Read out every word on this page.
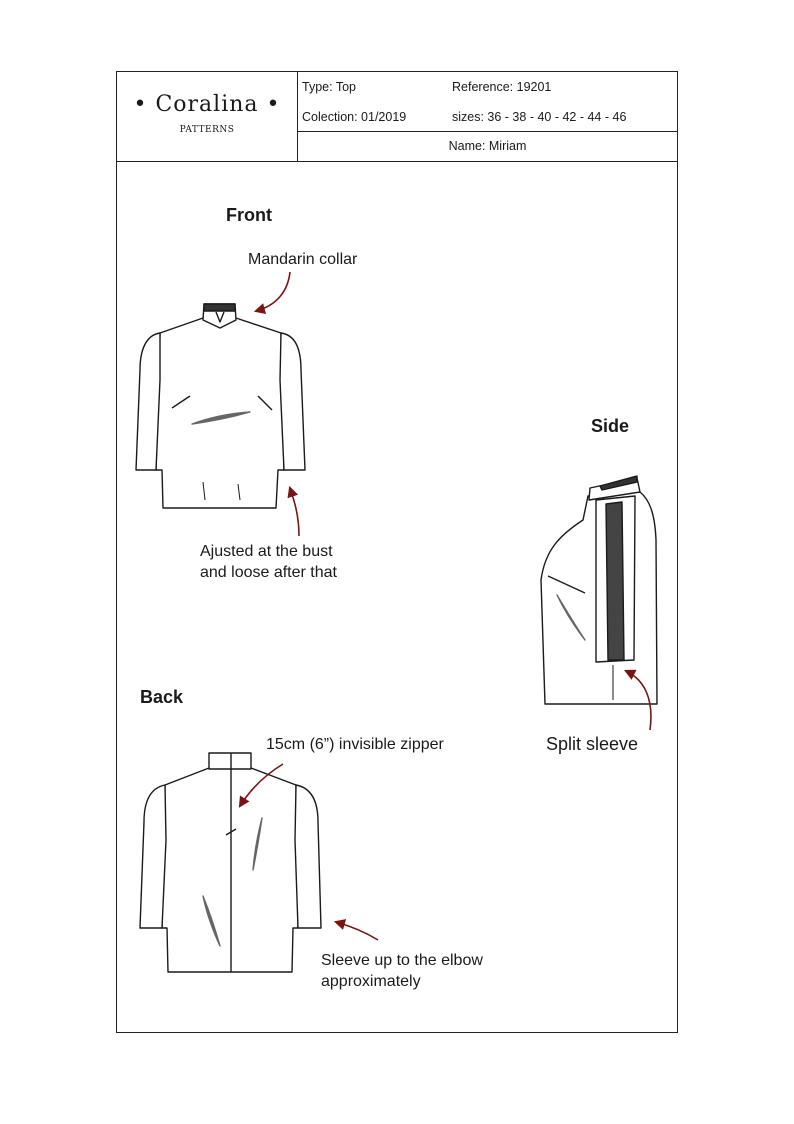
• Coralina •
PATTERNS
Type: Top	Reference: 19201
Colection: 01/2019	sizes: 36 - 38 - 40 - 42 - 44 - 46
Name: Miriam
Front
Side
Back
Mandarin collar
Ajusted at the bust
and loose after that
Split sleeve
15cm (6”) invisible zipper
Sleeve up to the elbow
approximately
